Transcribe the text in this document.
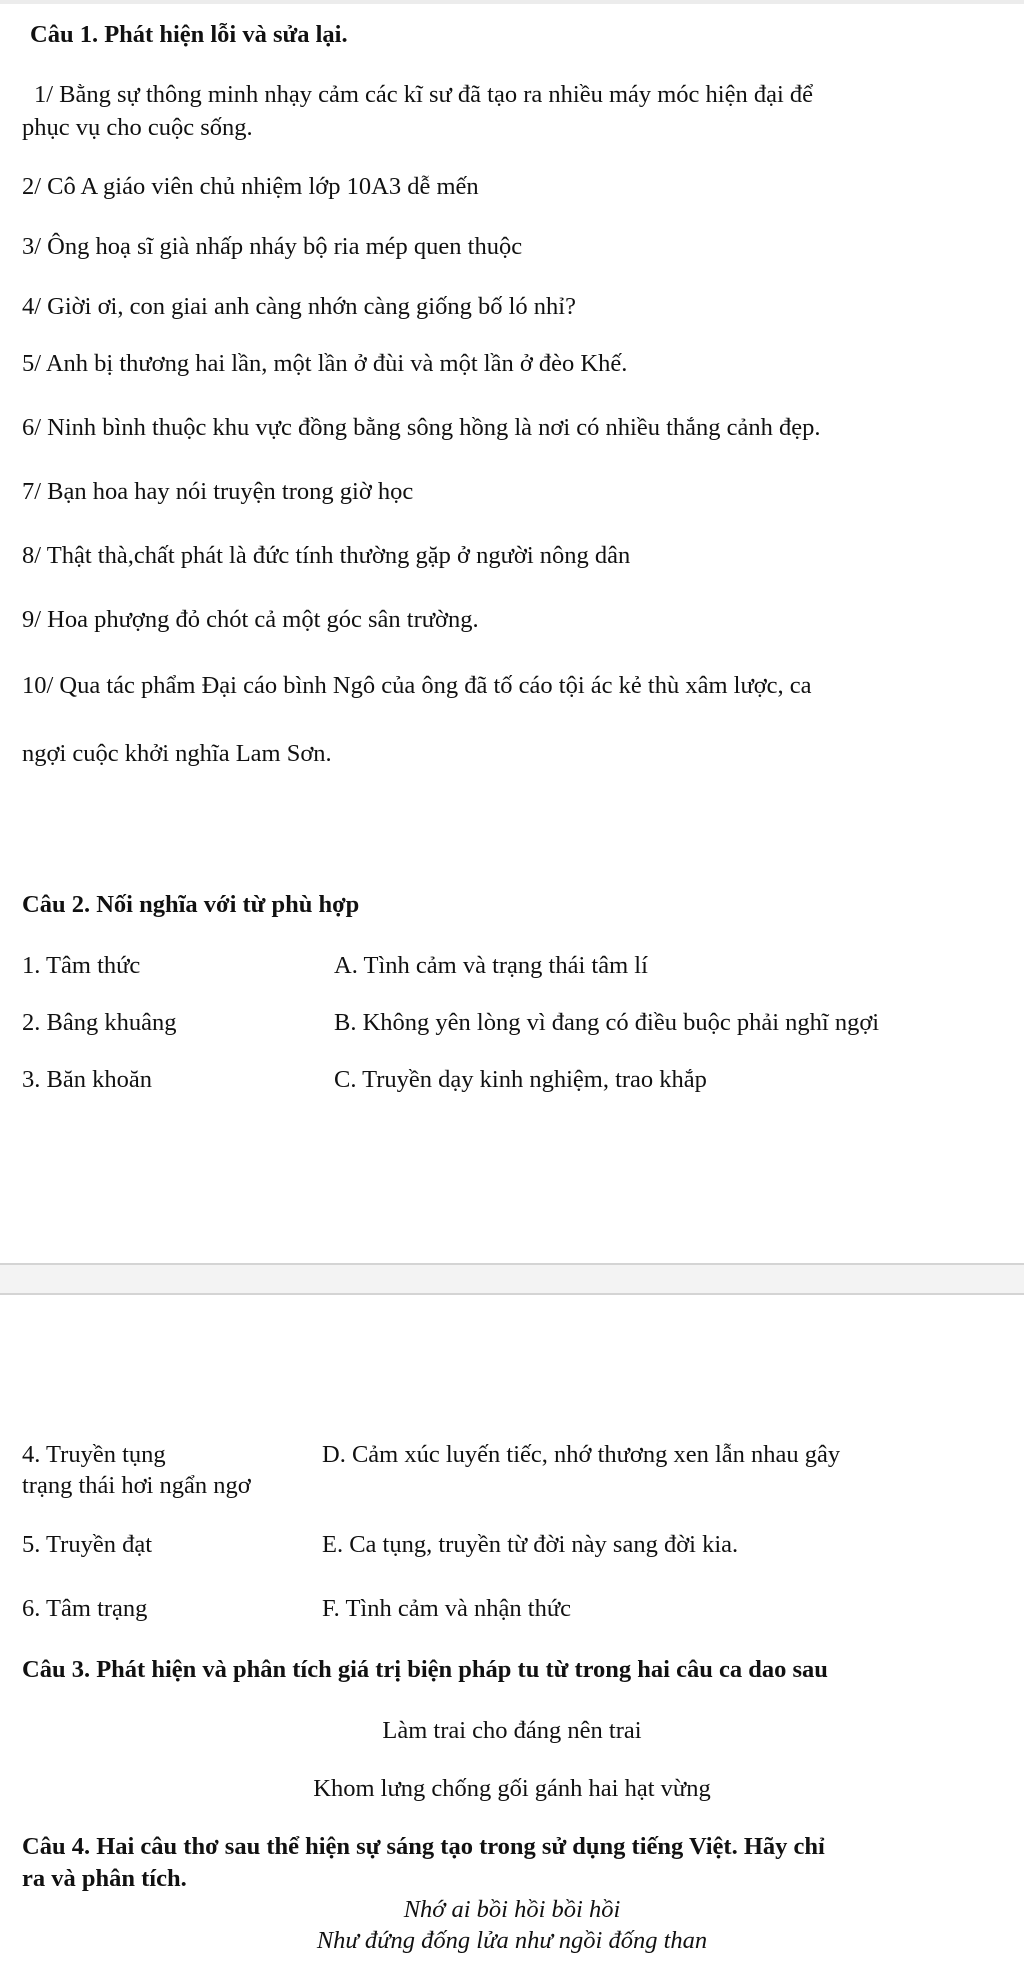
Câu 1. Phát hiện lỗi và sửa lại.
1/ Bằng sự thông minh nhạy cảm các kĩ sư đã tạo ra nhiều máy móc hiện đại để
phục vụ cho cuộc sống.
2/ Cô A giáo viên chủ nhiệm lớp 10A3 dễ mến
3/ Ông hoạ sĩ già nhấp nháy bộ ria mép quen thuộc
4/ Giời ơi, con giai anh càng nhớn càng giống bố ló nhỉ?
5/ Anh bị thương hai lần, một lần ở đùi và một lần ở đèo Khế.
6/ Ninh bình thuộc khu vực đồng bằng sông hồng là nơi có nhiều thắng cảnh đẹp.
7/ Bạn hoa hay nói truyện trong giờ học
8/ Thật thà,chất phát là đức tính thường gặp ở người nông dân
9/ Hoa phượng đỏ chót cả một góc sân trường.
10/ Qua tác phẩm Đại cáo bình Ngô của ông đã tố cáo tội ác kẻ thù xâm lược, ca
ngợi cuộc khởi nghĩa Lam Sơn.
Câu 2. Nối nghĩa với từ phù hợp
1. Tâm thức	A. Tình cảm và trạng thái tâm lí
2. Bâng khuâng	B. Không yên lòng vì đang có điều buộc phải nghĩ ngợi
3. Băn khoăn	C. Truyền dạy kinh nghiệm, trao khắp
4. Truyền tụng	D. Cảm xúc luyến tiếc, nhớ thương xen lẫn nhau gây
trạng thái hơi ngẩn ngơ
5. Truyền đạt	E. Ca tụng, truyền từ đời này sang đời kia.
6. Tâm trạng	F. Tình cảm và nhận thức
Câu 3. Phát hiện và phân tích giá trị biện pháp tu từ trong hai câu ca dao sau
Làm trai cho đáng nên trai
Khom lưng chống gối gánh hai hạt vừng
Câu 4. Hai câu thơ sau thể hiện sự sáng tạo trong sử dụng tiếng Việt. Hãy chỉ
ra và phân tích.
Nhớ ai bồi hồi bồi hồi
Như đứng đống lửa như ngồi đống than
